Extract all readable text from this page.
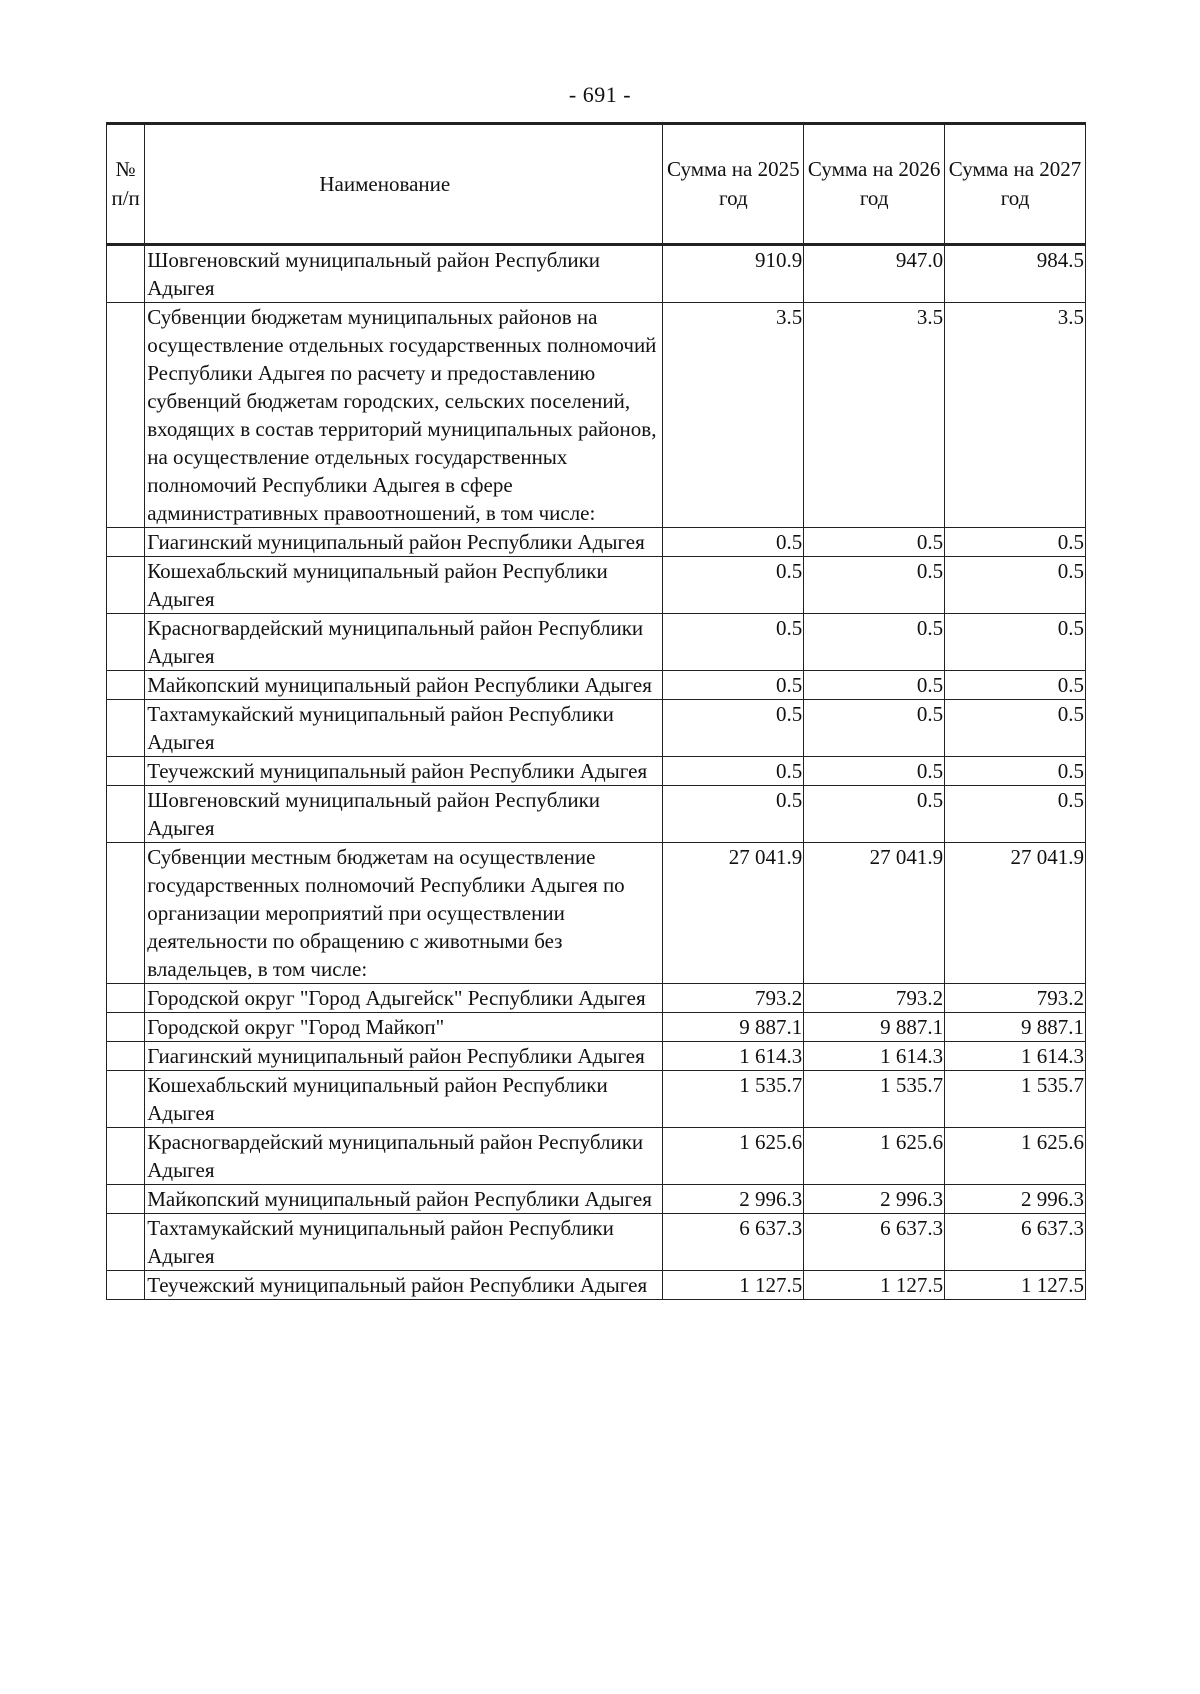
- 691 -
№ п/п	Наименование	Сумма на 2025 год	Сумма на 2026 год	Сумма на 2027 год
	Шовгеновский муниципальный район Республики Адыгея	910.9	947.0	984.5
	Субвенции бюджетам муниципальных районов на осуществление отдельных государственных полномочий Республики Адыгея по расчету и предоставлению субвенций бюджетам городских, сельских поселений, входящих в состав территорий муниципальных районов, на осуществление отдельных государственных полномочий Республики Адыгея в сфере административных правоотношений, в том числе:	3.5	3.5	3.5
	Гиагинский муниципальный район Республики Адыгея	0.5	0.5	0.5
	Кошехабльский муниципальный район Республики Адыгея	0.5	0.5	0.5
	Красногвардейский муниципальный район Республики Адыгея	0.5	0.5	0.5
	Майкопский муниципальный район Республики Адыгея	0.5	0.5	0.5
	Тахтамукайский муниципальный район Республики Адыгея	0.5	0.5	0.5
	Теучежский муниципальный район Республики Адыгея	0.5	0.5	0.5
	Шовгеновский муниципальный район Республики Адыгея	0.5	0.5	0.5
	Субвенции местным бюджетам на осуществление государственных полномочий Республики Адыгея по организации мероприятий при осуществлении деятельности по обращению с животными без владельцев, в том числе:	27 041.9	27 041.9	27 041.9
	Городской округ "Город Адыгейск" Республики Адыгея	793.2	793.2	793.2
	Городской округ "Город Майкоп"	9 887.1	9 887.1	9 887.1
	Гиагинский муниципальный район Республики Адыгея	1 614.3	1 614.3	1 614.3
	Кошехабльский муниципальный район Республики Адыгея	1 535.7	1 535.7	1 535.7
	Красногвардейский муниципальный район Республики Адыгея	1 625.6	1 625.6	1 625.6
	Майкопский муниципальный район Республики Адыгея	2 996.3	2 996.3	2 996.3
	Тахтамукайский муниципальный район Республики Адыгея	6 637.3	6 637.3	6 637.3
	Теучежский муниципальный район Республики Адыгея	1 127.5	1 127.5	1 127.5
